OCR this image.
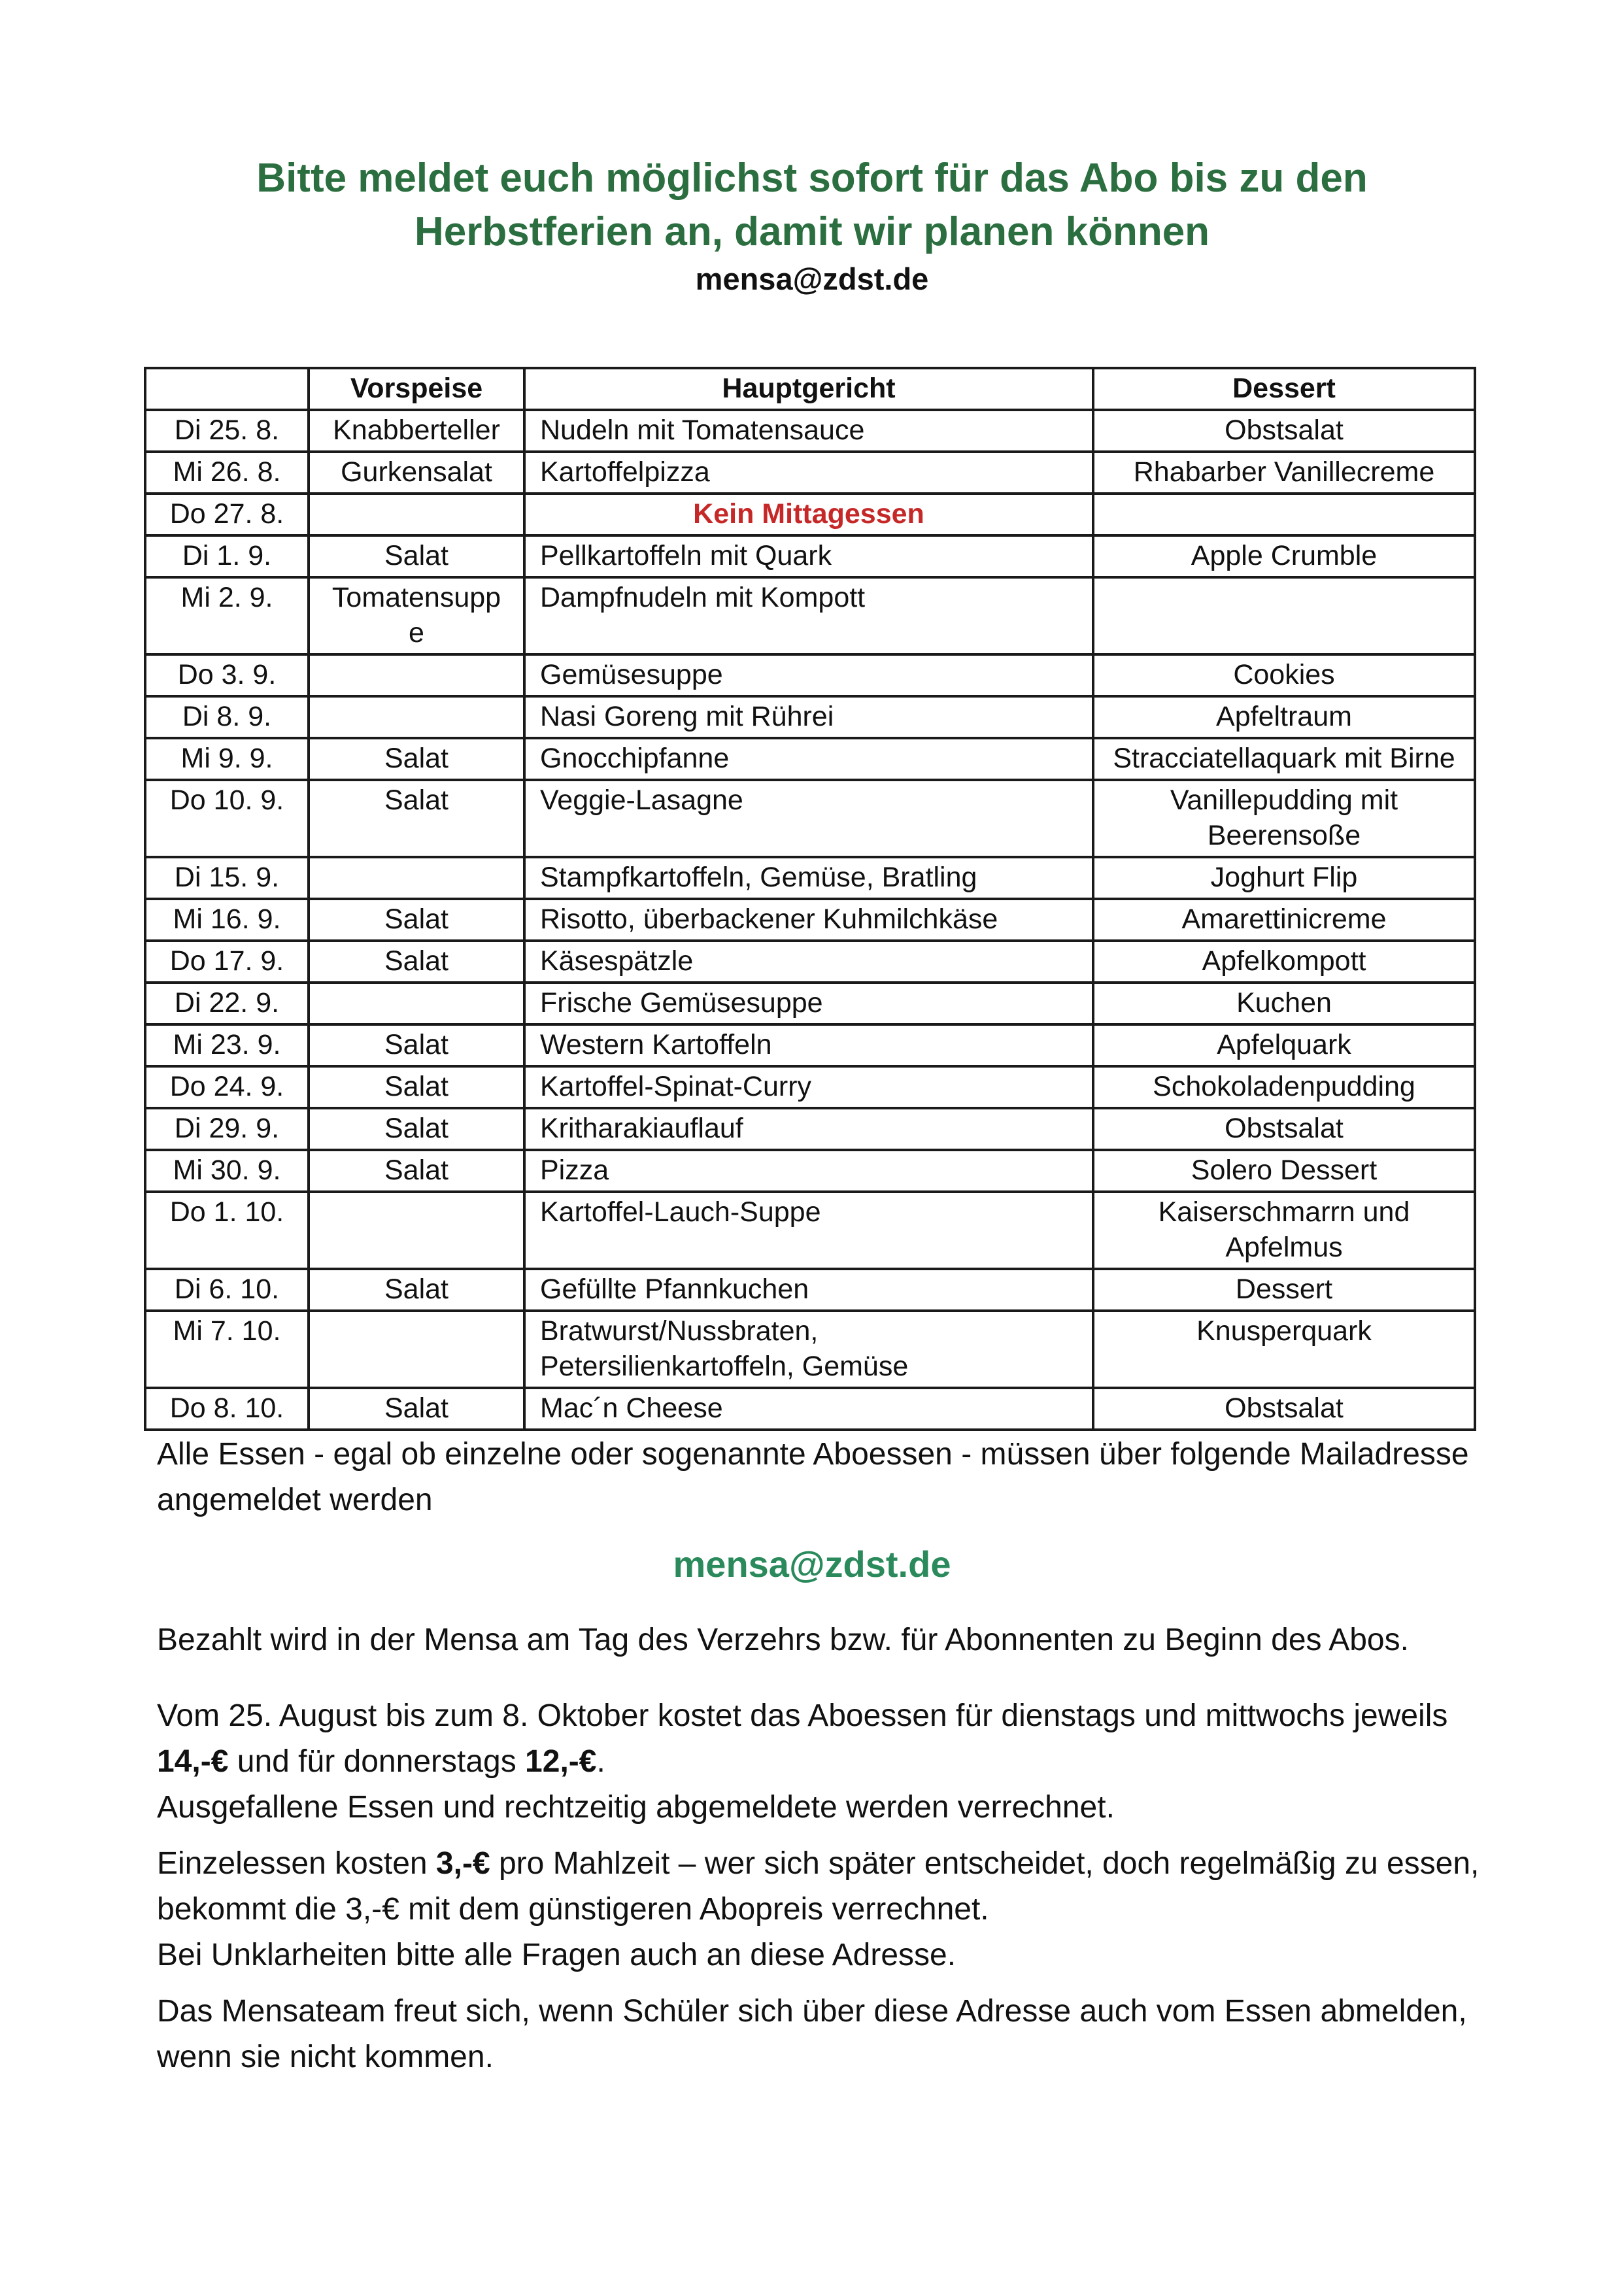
Bitte meldet euch möglichst sofort für das Abo bis zu den
Herbstferien an, damit wir planen können

mensa@zdst.de

	Vorspeise	Hauptgericht	Dessert
Di 25. 8.	Knabberteller	Nudeln mit Tomatensauce	Obstsalat
Mi 26. 8.	Gurkensalat	Kartoffelpizza	Rhabarber Vanillecreme
Do 27. 8.		Kein Mittagessen	
Di 1. 9.	Salat	Pellkartoffeln mit Quark	Apple Crumble
Mi 2. 9.	Tomatensuppe	Dampfnudeln mit Kompott	
Do 3. 9.		Gemüsesuppe	Cookies
Di 8. 9.		Nasi Goreng mit Rührei	Apfeltraum
Mi 9. 9.	Salat	Gnocchipfanne	Stracciatellaquark mit Birne
Do 10. 9.	Salat	Veggie-Lasagne	Vanillepudding mit Beerensoße
Di 15. 9.		Stampfkartoffeln, Gemüse, Bratling	Joghurt Flip
Mi 16. 9.	Salat	Risotto, überbackener Kuhmilchkäse	Amarettinicreme
Do 17. 9.	Salat	Käsespätzle	Apfelkompott
Di 22. 9.		Frische Gemüsesuppe	Kuchen
Mi 23. 9.	Salat	Western Kartoffeln	Apfelquark
Do 24. 9.	Salat	Kartoffel-Spinat-Curry	Schokoladenpudding
Di 29. 9.	Salat	Kritharakiauflauf	Obstsalat
Mi 30. 9.	Salat	Pizza	Solero Dessert
Do 1. 10.		Kartoffel-Lauch-Suppe	Kaiserschmarrn und Apfelmus
Di 6. 10.	Salat	Gefüllte Pfannkuchen	Dessert
Mi 7. 10.		Bratwurst/Nussbraten, Petersilienkartoffeln, Gemüse	Knusperquark
Do 8. 10.	Salat	Mac´n Cheese	Obstsalat

Alle Essen - egal ob einzelne oder sogenannte Aboessen - müssen über folgende Mailadresse angemeldet werden

mensa@zdst.de

Bezahlt wird in der Mensa am Tag des Verzehrs bzw. für Abonnenten zu Beginn des Abos.

Vom 25. August bis zum 8. Oktober kostet das Aboessen für dienstags und mittwochs jeweils 14,-€ und für donnerstags 12,-€.

Ausgefallene Essen und rechtzeitig abgemeldete werden verrechnet.

Einzelessen kosten 3,-€ pro Mahlzeit – wer sich später entscheidet, doch regelmäßig zu essen, bekommt die 3,-€ mit dem günstigeren Abopreis verrechnet.

Bei Unklarheiten bitte alle Fragen auch an diese Adresse.

Das Mensateam freut sich, wenn Schüler sich über diese Adresse auch vom Essen abmelden, wenn sie nicht kommen.
